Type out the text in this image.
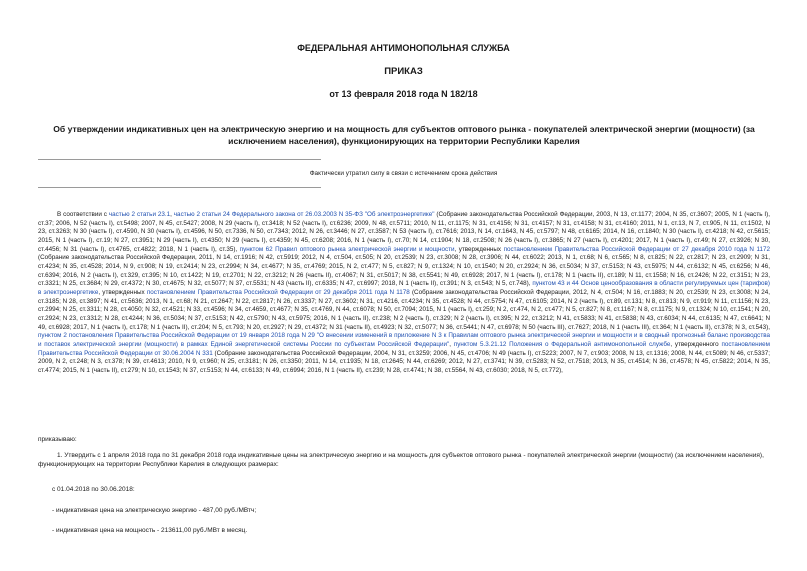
ФЕДЕРАЛЬНАЯ АНТИМОНОПОЛЬНАЯ СЛУЖБА
ПРИКАЗ
от 13 февраля 2018 года N 182/18
Об утверждении индикативных цен на электрическую энергию и на мощность для субъектов оптового рынка - покупателей электрической энергии (мощности) (за исключением населения), функционирующих на территории Республики Карелия
Фактически утратил силу в связи с истечением срока действия

В соответствии с частью 2 статьи 23.1, частью 2 статьи 24 Федерального закона от 26.03.2003 N 35-ФЗ "Об электроэнергетике" (Собрание законодательства Российской Федерации, 2003, N 13, ст.1177; 2004, N 35, ст.3607; 2005, N 1 (часть I), ст.37; 2006, N 52 (часть I), ст.5498; 2007, N 45, ст.5427; 2008, N 29 (часть I), ст.3418; N 52 (часть I), ст.6236; 2009, N 48, ст.5711; 2010, N 11, ст.1175; N 31, ст.4156; N 31, ст.4157; N 31, ст.4158; N 31, ст.4160; 2011, N 1, ст.13, N 7, ст.905, N 11, ст.1502, N 23, ст.3263; N 30 (часть I), ст.4590, N 30 (часть I), ст.4596, N 50, ст.7336, N 50, ст.7343; 2012, N 26, ст.3446; N 27, ст.3587; N 53 (часть I), ст.7616; 2013, N 14, ст.1643, N 45, ст.5797; N 48, ст.6165; 2014, N 16, ст.1840; N 30 (часть I), ст.4218; N 42, ст.5615; 2015, N 1 (часть I), ст.19; N 27, ст.3951; N 29 (часть I), ст.4350; N 29 (часть I), ст.4359; N 45, ст.6208; 2016, N 1 (часть I), ст.70; N 14, ст.1904; N 18, ст.2508; N 26 (часть I), ст.3865; N 27 (часть I), ст.4201; 2017, N 1 (часть I), ст.49; N 27, ст.3926; N 30, ст.4456; N 31 (часть I), ст.4765, ст.4822; 2018, N 1 (часть I), ст.35), пунктом 62 Правил оптового рынка электрической энергии и мощности, утвержденных постановлением Правительства Российской Федерации от 27 декабря 2010 года N 1172 (Собрание законодательства Российской Федерации, 2011, N 14, ст.1916; N 42, ст.5919; 2012, N 4, ст.504, ст.505; N 20, ст.2539; N 23, ст.3008; N 28, ст.3906; N 44, ст.6022; 2013, N 1, ст.68; N 6, ст.565; N 8, ст.825; N 22, ст.2817; N 23, ст.2909; N 31, ст.4234; N 35, ст.4528; 2014, N 9, ст.908; N 19, ст.2414; N 23, ст.2994; N 34, ст.4677; N 35, ст.4769; 2015, N 2, ст.477; N 5, ст.827; N 9, ст.1324; N 10, ст.1540; N 20, ст.2924; N 36, ст.5034; N 37, ст.5153; N 43, ст.5975; N 44, ст.6132; N 45, ст.6256; N 46, ст.6394; 2016, N 2 (часть I), ст.329, ст.395; N 10, ст.1422; N 19, ст.2701; N 22, ст.3212; N 26 (часть II), ст.4067; N 31, ст.5017; N 38, ст.5541; N 49, ст.6928; 2017, N 1 (часть I), ст.178; N 1 (часть II), ст.189; N 11, ст.1558; N 16, ст.2426; N 22, ст.3151; N 23, ст.3321; N 25, ст.3684; N 29, ст.4372; N 30, ст.4675; N 32, ст.5077; N 37, ст.5531; N 43 (часть II), ст.6335; N 47, ст.6997; 2018, N 1 (часть II), ст.391; N 3, ст.543; N 5, ст.748), пунктом 43 и 44 Основ ценообразования в области регулируемых цен (тарифов) в электроэнергетике, утвержденных постановлением Правительства Российской Федерации от 29 декабря 2011 года N 1178 (Собрание законодательства Российской Федерации, 2012, N 4, ст.504; N 16, ст.1883; N 20, ст.2539; N 23, ст.3008; N 24, ст.3185; N 28, ст.3897; N 41, ст.5636; 2013, N 1, ст.68; N 21, ст.2647; N 22, ст.2817; N 26, ст.3337; N 27, ст.3602; N 31, ст.4216, ст.4234; N 35, ст.4528; N 44, ст.5754; N 47, ст.6105; 2014, N 2 (часть I), ст.89, ст.131; N 8, ст.813; N 9, ст.919; N 11, ст.1156; N 23, ст.2994; N 25, ст.3311; N 28, ст.4050; N 32, ст.4521; N 33, ст.4596; N 34, ст.4659, ст.4677; N 35, ст.4769, N 44, ст.6078; N 50, ст.7094; 2015, N 1 (часть I), ст.259; N 2, ст.474, N 2, ст.477; N 5, ст.827; N 8, ст.1167; N 8, ст.1175; N 9, ст.1324; N 10, ст.1541; N 20, ст.2924; N 23, ст.3312; N 28, ст.4244; N 36, ст.5034; N 37, ст.5153; N 42, ст.5790; N 43, ст.5975; 2016, N 1 (часть II), ст.238; N 2 (часть I), ст.329; N 2 (часть I), ст.395; N 22, ст.3212; N 41, ст.5833; N 41, ст.5838; N 43, ст.6034; N 44, ст.6135; N 47, ст.6641; N 49, ст.6928; 2017, N 1 (часть I), ст.178; N 1 (часть II), ст.204; N 5, ст.793; N 20, ст.2927; N 29, ст.4372; N 31 (часть II), ст.4923; N 32, ст.5077; N 36, ст.5441; N 47, ст.6978; N 50 (часть III), ст.7627; 2018, N 1 (часть III), ст.364; N 1 (часть II), ст.378; N 3, ст.543), пунктом 2 постановления Правительства Российской Федерации от 19 января 2018 года N 29 "О внесении изменений в приложение N 3 к Правилам оптового рынка электрической энергии и мощности и в сводный прогнозный баланс производства и поставок электрической энергии (мощности) в рамках Единой энергетической системы России по субъектам Российской Федерации", пунктом 5.3.21.12 Положения о Федеральной антимонопольной службе, утвержденного постановлением Правительства Российской Федерации от 30.06.2004 N 331 (Собрание законодательства Российской Федерации, 2004, N 31, ст.3259; 2006, N 45, ст.4706; N 49 (часть I), ст.5223; 2007, N 7, ст.903; 2008, N 13, ст.1316; 2008, N 44, ст.5089; N 46, ст.5337; 2009, N 2, ст.248; N 3, ст.378; N 39, ст.4613; 2010, N 9, ст.960; N 25, ст.3181; N 26, ст.3350; 2011, N 14, ст.1935; N 18, ст.2645; N 44, ст.6269; 2012, N 27, ст.3741; N 39, ст.5283; N 52, ст.7518; 2013, N 35, ст.4514; N 36, ст.4578; N 45, ст.5822; 2014, N 35, ст.4774; 2015, N 1 (часть II), ст.279; N 10, ст.1543; N 37, ст.5153; N 44, ст.6133; N 49, ст.6994; 2016, N 1 (часть II), ст.239; N 28, ст.4741; N 38, ст.5564, N 43, ст.6030; 2018, N 5, ст.772),

приказываю:

1. Утвердить с 1 апреля 2018 года по 31 декабря 2018 года индикативные цены на электрическую энергию и на мощность для субъектов оптового рынка - покупателей электрической энергии (мощности) (за исключением населения), функционирующих на территории Республики Карелия в следующих размерах:

с 01.04.2018 по 30.06.2018:

- индикативная цена на электрическую энергию - 487,00 руб./МВтч;

- индикативная цена на мощность - 213611,00 руб./МВт в месяц.
